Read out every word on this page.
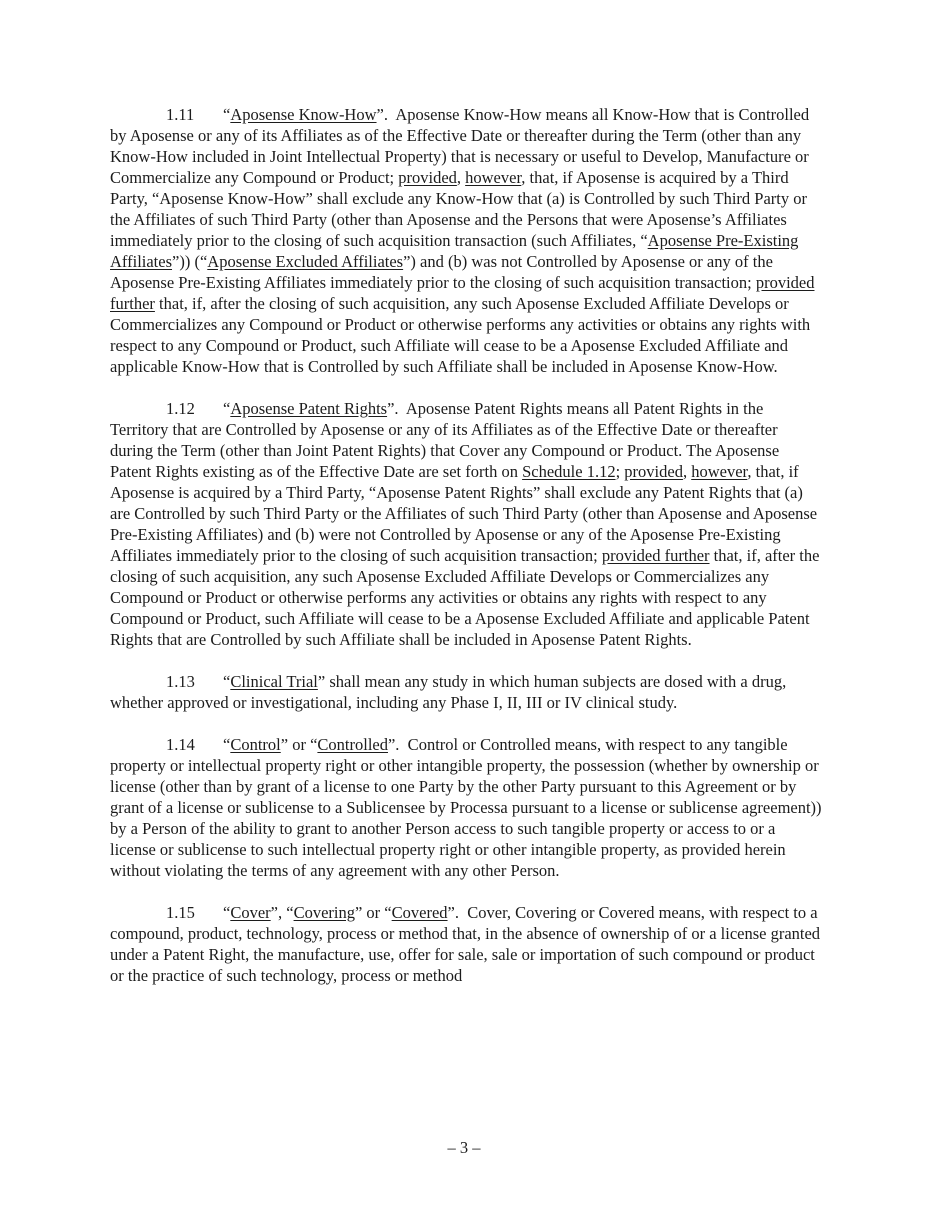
1.11 “Aposense Know-How”.  Aposense Know-How means all Know-How that is Controlled by Aposense or any of its Affiliates as of the Effective Date or thereafter during the Term (other than any Know-How included in Joint Intellectual Property) that is necessary or useful to Develop, Manufacture or Commercialize any Compound or Product; provided, however, that, if Aposense is acquired by a Third Party, “Aposense Know-How” shall exclude any Know-How that (a) is Controlled by such Third Party or the Affiliates of such Third Party (other than Aposense and the Persons that were Aposense’s Affiliates immediately prior to the closing of such acquisition transaction (such Affiliates, “Aposense Pre-Existing Affiliates”)) (“Aposense Excluded Affiliates”) and (b) was not Controlled by Aposense or any of the Aposense Pre-Existing Affiliates immediately prior to the closing of such acquisition transaction; provided further that, if, after the closing of such acquisition, any such Aposense Excluded Affiliate Develops or Commercializes any Compound or Product or otherwise performs any activities or obtains any rights with respect to any Compound or Product, such Affiliate will cease to be a Aposense Excluded Affiliate and applicable Know-How that is Controlled by such Affiliate shall be included in Aposense Know-How.

1.12 “Aposense Patent Rights”.  Aposense Patent Rights means all Patent Rights in the Territory that are Controlled by Aposense or any of its Affiliates as of the Effective Date or thereafter during the Term (other than Joint Patent Rights) that Cover any Compound or Product. The Aposense Patent Rights existing as of the Effective Date are set forth on Schedule 1.12; provided, however, that, if Aposense is acquired by a Third Party, “Aposense Patent Rights” shall exclude any Patent Rights that (a) are Controlled by such Third Party or the Affiliates of such Third Party (other than Aposense and Aposense Pre-Existing Affiliates) and (b) were not Controlled by Aposense or any of the Aposense Pre-Existing Affiliates immediately prior to the closing of such acquisition transaction; provided further that, if, after the closing of such acquisition, any such Aposense Excluded Affiliate Develops or Commercializes any Compound or Product or otherwise performs any activities or obtains any rights with respect to any Compound or Product, such Affiliate will cease to be a Aposense Excluded Affiliate and applicable Patent Rights that are Controlled by such Affiliate shall be included in Aposense Patent Rights.

1.13 “Clinical Trial” shall mean any study in which human subjects are dosed with a drug, whether approved or investigational, including any Phase I, II, III or IV clinical study.

1.14 “Control” or “Controlled”.  Control or Controlled means, with respect to any tangible property or intellectual property right or other intangible property, the possession (whether by ownership or license (other than by grant of a license to one Party by the other Party pursuant to this Agreement or by grant of a license or sublicense to a Sublicensee by Processa pursuant to a license or sublicense agreement)) by a Person of the ability to grant to another Person access to such tangible property or access to or a license or sublicense to such intellectual property right or other intangible property, as provided herein without violating the terms of any agreement with any other Person.

1.15 “Cover”, “Covering” or “Covered”.  Cover, Covering or Covered means, with respect to a compound, product, technology, process or method that, in the absence of ownership of or a license granted under a Patent Right, the manufacture, use, offer for sale, sale or importation of such compound or product or the practice of such technology, process or method

– 3 –
